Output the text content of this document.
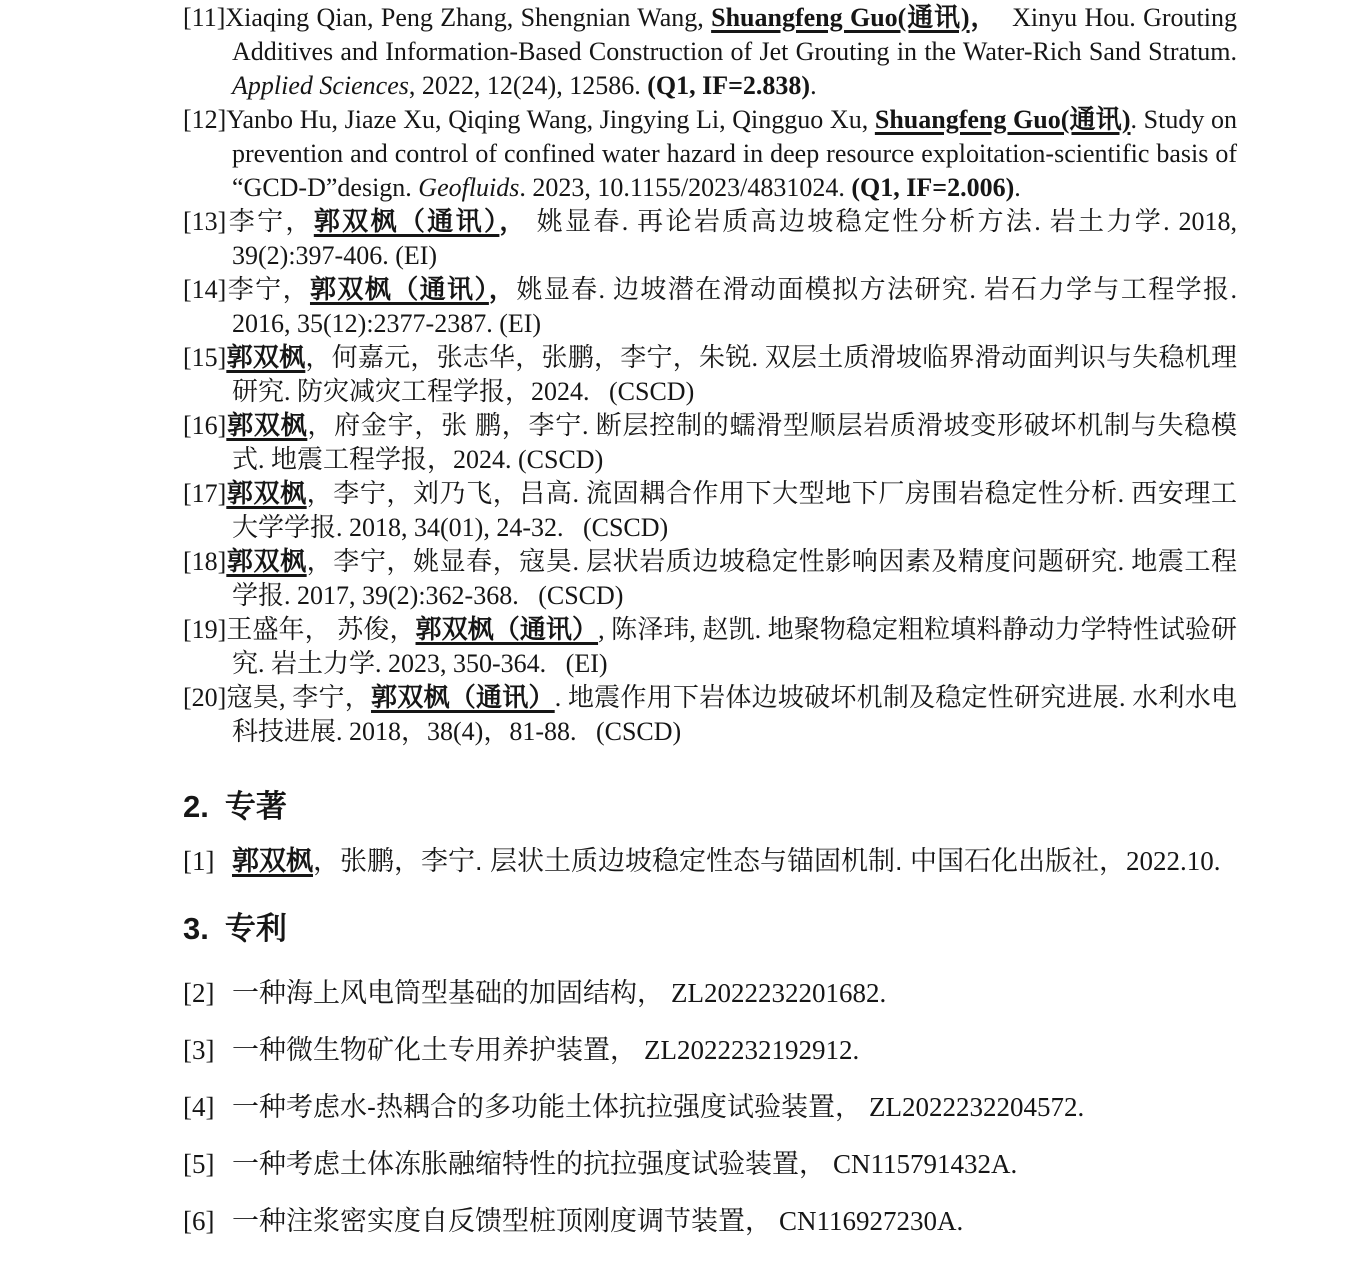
[11]Xiaqing Qian, Peng Zhang, Shengnian Wang, Shuangfeng Guo(通讯)，  Xinyu Hou. Grouting Additives and Information-Based Construction of Jet Grouting in the Water-Rich Sand Stratum. Applied Sciences, 2022, 12(24), 12586. (Q1, IF=2.838).
[12]Yanbo Hu, Jiaze Xu, Qiqing Wang, Jingying Li, Qingguo Xu, Shuangfeng Guo(通讯). Study on prevention and control of confined water hazard in deep resource exploitation-scientific basis of “GCD-D”design. Geofluids. 2023, 10.1155/2023/4831024. (Q1, IF=2.006).
[13]李宁，郭双枫（通讯）， 姚显春. 再论岩质高边坡稳定性分析方法. 岩土力学. 2018, 39(2):397-406. (EI)
[14]李宁，郭双枫（通讯），姚显春. 边坡潜在滑动面模拟方法研究. 岩石力学与工程学报. 2016, 35(12):2377-2387. (EI)
[15]郭双枫，何嘉元，张志华，张鹏，李宁，朱锐. 双层土质滑坡临界滑动面判识与失稳机理研究. 防灾减灾工程学报，2024.   (CSCD)
[16]郭双枫，府金宇，张 鹏，李宁. 断层控制的蠕滑型顺层岩质滑坡变形破坏机制与失稳模式. 地震工程学报，2024. (CSCD)
[17]郭双枫，李宁，刘乃飞，吕高. 流固耦合作用下大型地下厂房围岩稳定性分析. 西安理工大学学报. 2018, 34(01), 24-32.   (CSCD)
[18]郭双枫，李宁，姚显春，寇昊. 层状岩质边坡稳定性影响因素及精度问题研究. 地震工程学报. 2017, 39(2):362-368.   (CSCD)
[19]王盛年， 苏俊，郭双枫（通讯）, 陈泽玮, 赵凯. 地聚物稳定粗粒填料静动力学特性试验研究. 岩土力学. 2023, 350-364.   (EI)
[20]寇昊, 李宁，郭双枫（通讯）. 地震作用下岩体边坡破坏机制及稳定性研究进展. 水利水电科技进展. 2018，38(4)，81-88.   (CSCD)
2. 专著
[1] 郭双枫，张鹏，李宁. 层状土质边坡稳定性态与锚固机制. 中国石化出版社，2022.10.
3. 专利
[2] 一种海上风电筒型基础的加固结构， ZL2022232201682.
[3] 一种微生物矿化土专用养护装置， ZL2022232192912.
[4] 一种考虑水-热耦合的多功能土体抗拉强度试验装置， ZL2022232204572.
[5] 一种考虑土体冻胀融缩特性的抗拉强度试验装置， CN115791432A.
[6] 一种注浆密实度自反馈型桩顶刚度调节装置， CN116927230A.
